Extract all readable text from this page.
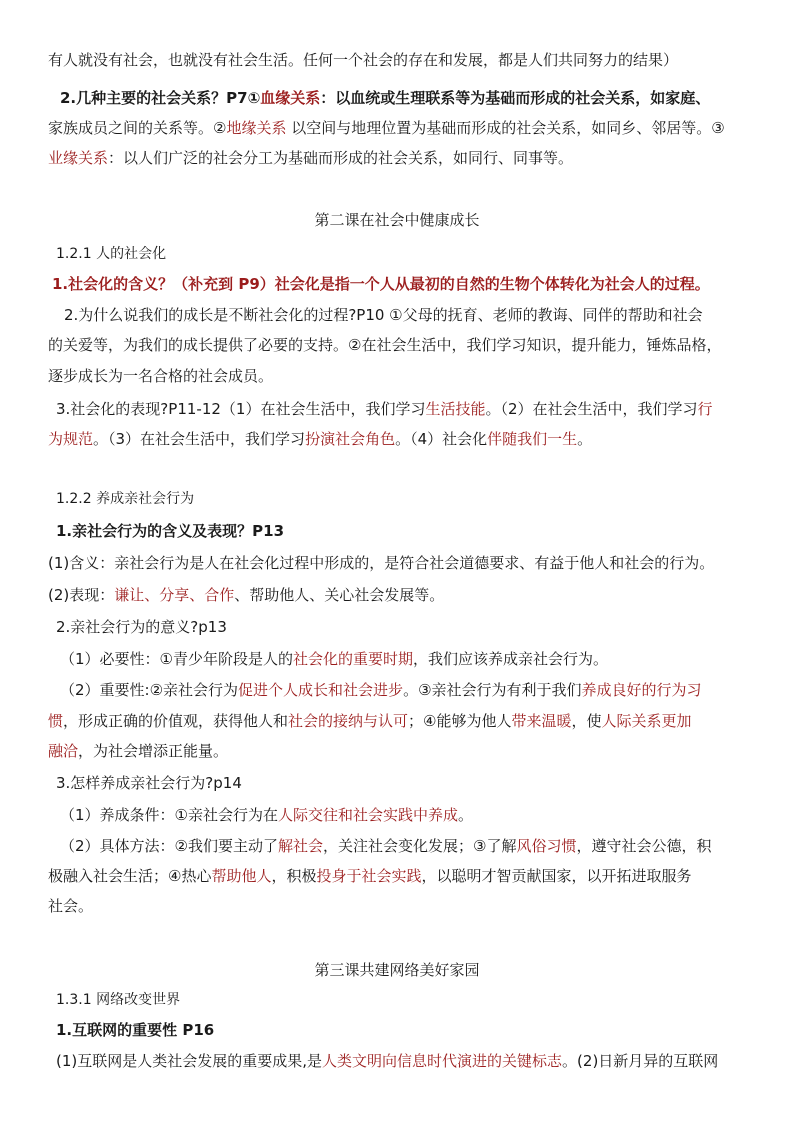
有人就没有社会，也就没有社会生活。任何一个社会的存在和发展，都是人们共同努力的结果）
2.几种主要的社会关系？P7①血缘关系：以血统或生理联系等为基础而形成的社会关系，如家庭、
家族成员之间的关系等。②地缘关系 以空间与地理位置为基础而形成的社会关系，如同乡、邻居等。③
业缘关系：以人们广泛的社会分工为基础而形成的社会关系，如同行、同事等。
第二课在社会中健康成长
1.2.1 人的社会化
1.社会化的含义？（补充到 P9）社会化是指一个人从最初的自然的生物个体转化为社会人的过程。
2.为什么说我们的成长是不断社会化的过程?P10 ①父母的抚育、老师的教诲、同伴的帮助和社会
的关爱等，为我们的成长提供了必要的支持。②在社会生活中，我们学习知识，提升能力，锤炼品格，
逐步成长为一名合格的社会成员。
3.社会化的表现?P11-12（1）在社会生活中，我们学习生活技能。（2）在社会生活中，我们学习行
为规范。（3）在社会生活中，我们学习扮演社会角色。（4）社会化伴随我们一生。
1.2.2 养成亲社会行为
1.亲社会行为的含义及表现？P13
(1)含义：亲社会行为是人在社会化过程中形成的，是符合社会道德要求、有益于他人和社会的行为。
(2)表现：谦让、分享、合作、帮助他人、关心社会发展等。
2.亲社会行为的意义?p13
（1）必要性：①青少年阶段是人的社会化的重要时期，我们应该养成亲社会行为。
（2）重要性:②亲社会行为促进个人成长和社会进步。③亲社会行为有利于我们养成良好的行为习
惯，形成正确的价值观，获得他人和社会的接纳与认可；④能够为他人带来温暖，使人际关系更加
融洽，为社会增添正能量。
3.怎样养成亲社会行为?p14
（1）养成条件：①亲社会行为在人际交往和社会实践中养成。
（2）具体方法：②我们要主动了解社会，关注社会变化发展；③了解风俗习惯，遵守社会公德，积
极融入社会生活；④热心帮助他人，积极投身于社会实践，以聪明才智贡献国家，以开拓进取服务
社会。
第三课共建网络美好家园
1.3.1 网络改变世界
1.互联网的重要性 P16
(1)互联网是人类社会发展的重要成果,是人类文明向信息时代演进的关键标志。(2)日新月异的互联网
